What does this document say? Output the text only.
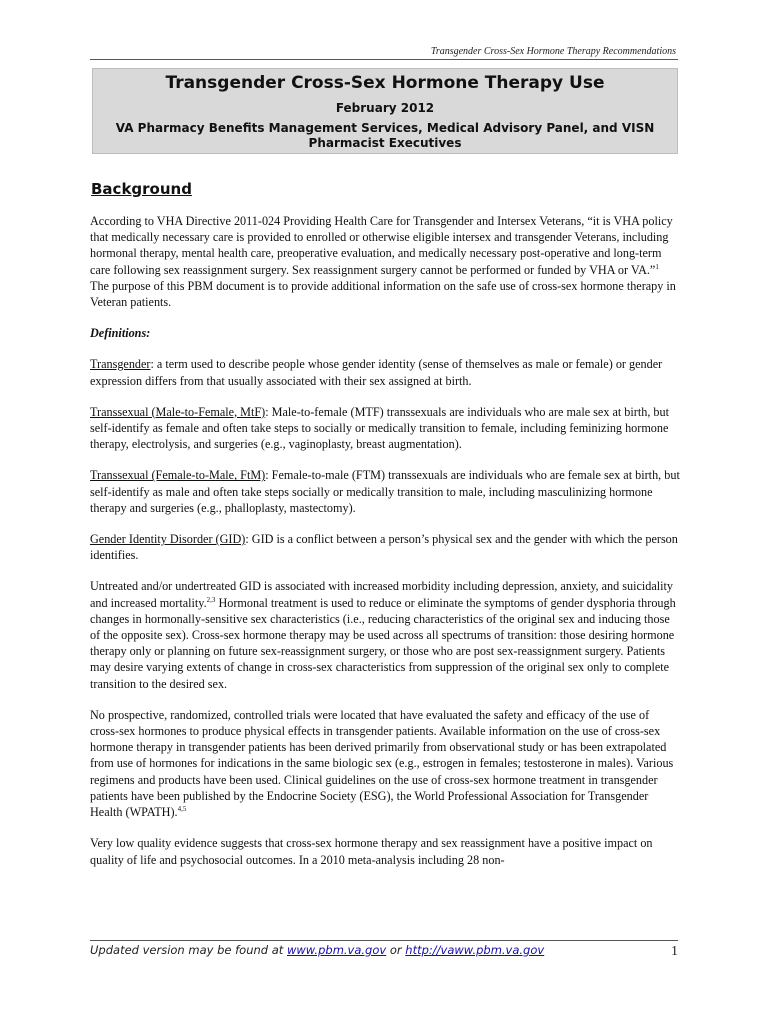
Transgender Cross-Sex Hormone Therapy Recommendations
Transgender Cross-Sex Hormone Therapy Use
February 2012
VA Pharmacy Benefits Management Services, Medical Advisory Panel, and VISN Pharmacist Executives
Background

According to VHA Directive 2011-024 Providing Health Care for Transgender and Intersex Veterans, “it is VHA policy that medically necessary care is provided to enrolled or otherwise eligible intersex and transgender Veterans, including hormonal therapy, mental health care, preoperative evaluation, and medically necessary post-operative and long-term care following sex reassignment surgery. Sex reassignment surgery cannot be performed or funded by VHA or VA.”$^1$ The purpose of this PBM document is to provide additional information on the safe use of cross-sex hormone therapy in Veteran patients.

Definitions:

Transgender: a term used to describe people whose gender identity (sense of themselves as male or female) or gender expression differs from that usually associated with their sex assigned at birth.

Transsexual (Male-to-Female, MtF): Male-to-female (MTF) transsexuals are individuals who are male sex at birth, but self-identify as female and often take steps to socially or medically transition to female, including feminizing hormone therapy, electrolysis, and surgeries (e.g., vaginoplasty, breast augmentation).

Transsexual (Female-to-Male, FtM): Female-to-male (FTM) transsexuals are individuals who are female sex at birth, but self-identify as male and often take steps socially or medically transition to male, including masculinizing hormone therapy and surgeries (e.g., phalloplasty, mastectomy).

Gender Identity Disorder (GID): GID is a conflict between a person’s physical sex and the gender with which the person identifies.

Untreated and/or undertreated GID is associated with increased morbidity including depression, anxiety, and suicidality and increased mortality.$^{2,3}$ Hormonal treatment is used to reduce or eliminate the symptoms of gender dysphoria through changes in hormonally-sensitive sex characteristics (i.e., reducing characteristics of the original sex and inducing those of the opposite sex). Cross-sex hormone therapy may be used across all spectrums of transition: those desiring hormone therapy only or planning on future sex-reassignment surgery, or those who are post sex-reassignment surgery. Patients may desire varying extents of change in cross-sex characteristics from suppression of the original sex only to complete transition to the desired sex.

No prospective, randomized, controlled trials were located that have evaluated the safety and efficacy of the use of cross-sex hormones to produce physical effects in transgender patients. Available information on the use of cross-sex hormone therapy in transgender patients has been derived primarily from observational study or has been extrapolated from use of hormones for indications in the same biologic sex (e.g., estrogen in females; testosterone in males). Various regimens and products have been used. Clinical guidelines on the use of cross-sex hormone treatment in transgender patients have been published by the Endocrine Society (ESG), the World Professional Association for Transgender Health (WPATH).$^{4,5}$

Very low quality evidence suggests that cross-sex hormone therapy and sex reassignment have a positive impact on quality of life and psychosocial outcomes. In a 2010 meta-analysis including 28 non-

Updated version may be found at www.pbm.va.gov or http://vaww.pbm.va.gov	1
